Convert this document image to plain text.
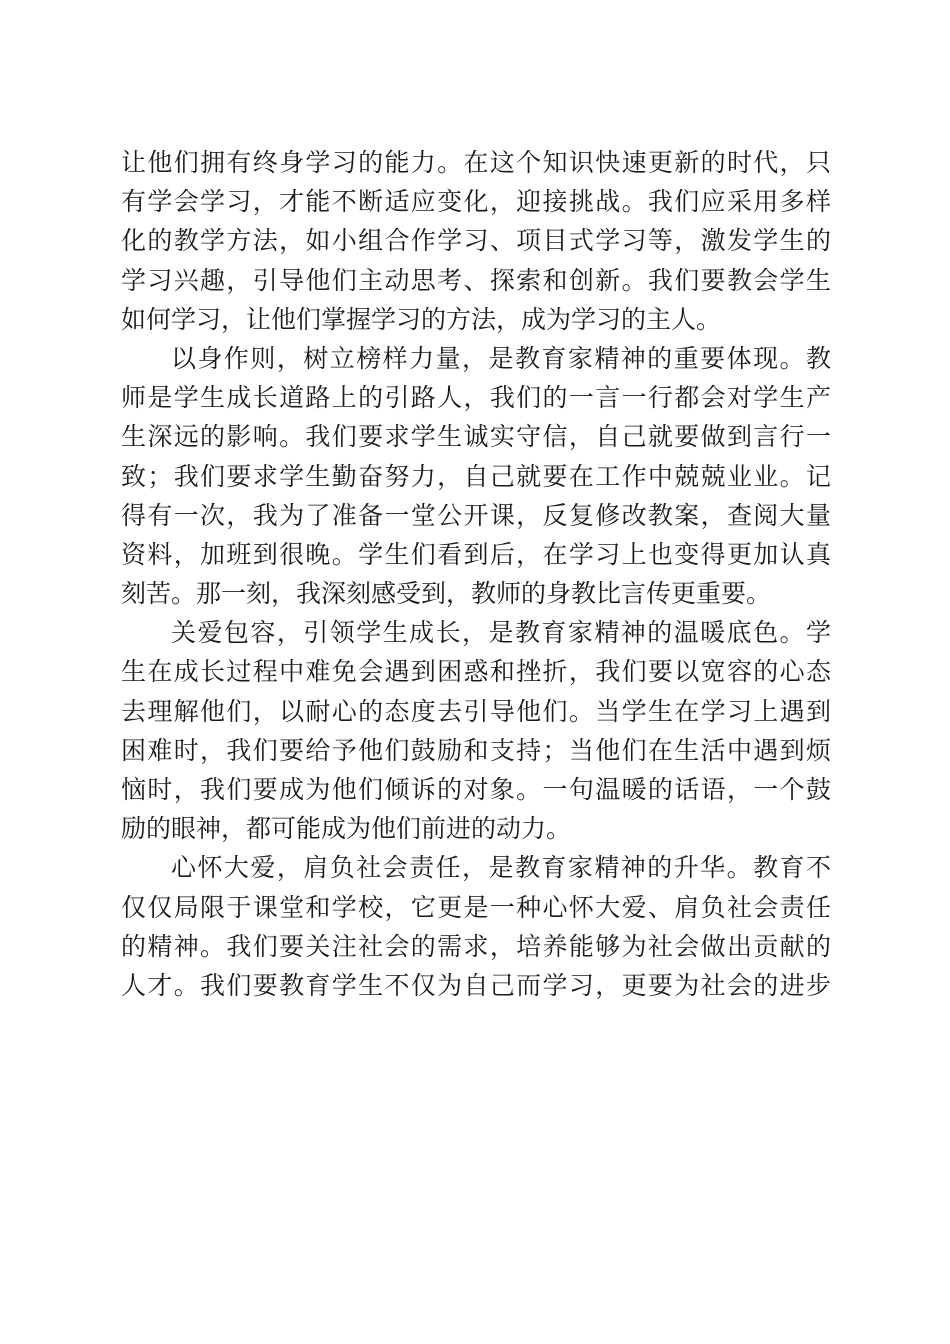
让他们拥有终身学习的能力。在这个知识快速更新的时代，只
有学会学习，才能不断适应变化，迎接挑战。我们应采用多样
化的教学方法，如小组合作学习、项目式学习等，激发学生的
学习兴趣，引导他们主动思考、探索和创新。我们要教会学生
如何学习，让他们掌握学习的方法，成为学习的主人。
以身作则，树立榜样力量，是教育家精神的重要体现。教
师是学生成长道路上的引路人，我们的一言一行都会对学生产
生深远的影响。我们要求学生诚实守信，自己就要做到言行一
致；我们要求学生勤奋努力，自己就要在工作中兢兢业业。记
得有一次，我为了准备一堂公开课，反复修改教案，查阅大量
资料，加班到很晚。学生们看到后，在学习上也变得更加认真
刻苦。那一刻，我深刻感受到，教师的身教比言传更重要。
关爱包容，引领学生成长，是教育家精神的温暖底色。学
生在成长过程中难免会遇到困惑和挫折，我们要以宽容的心态
去理解他们，以耐心的态度去引导他们。当学生在学习上遇到
困难时，我们要给予他们鼓励和支持；当他们在生活中遇到烦
恼时，我们要成为他们倾诉的对象。一句温暖的话语，一个鼓
励的眼神，都可能成为他们前进的动力。
心怀大爱，肩负社会责任，是教育家精神的升华。教育不
仅仅局限于课堂和学校，它更是一种心怀大爱、肩负社会责任
的精神。我们要关注社会的需求，培养能够为社会做出贡献的
人才。我们要教育学生不仅为自己而学习，更要为社会的进步
